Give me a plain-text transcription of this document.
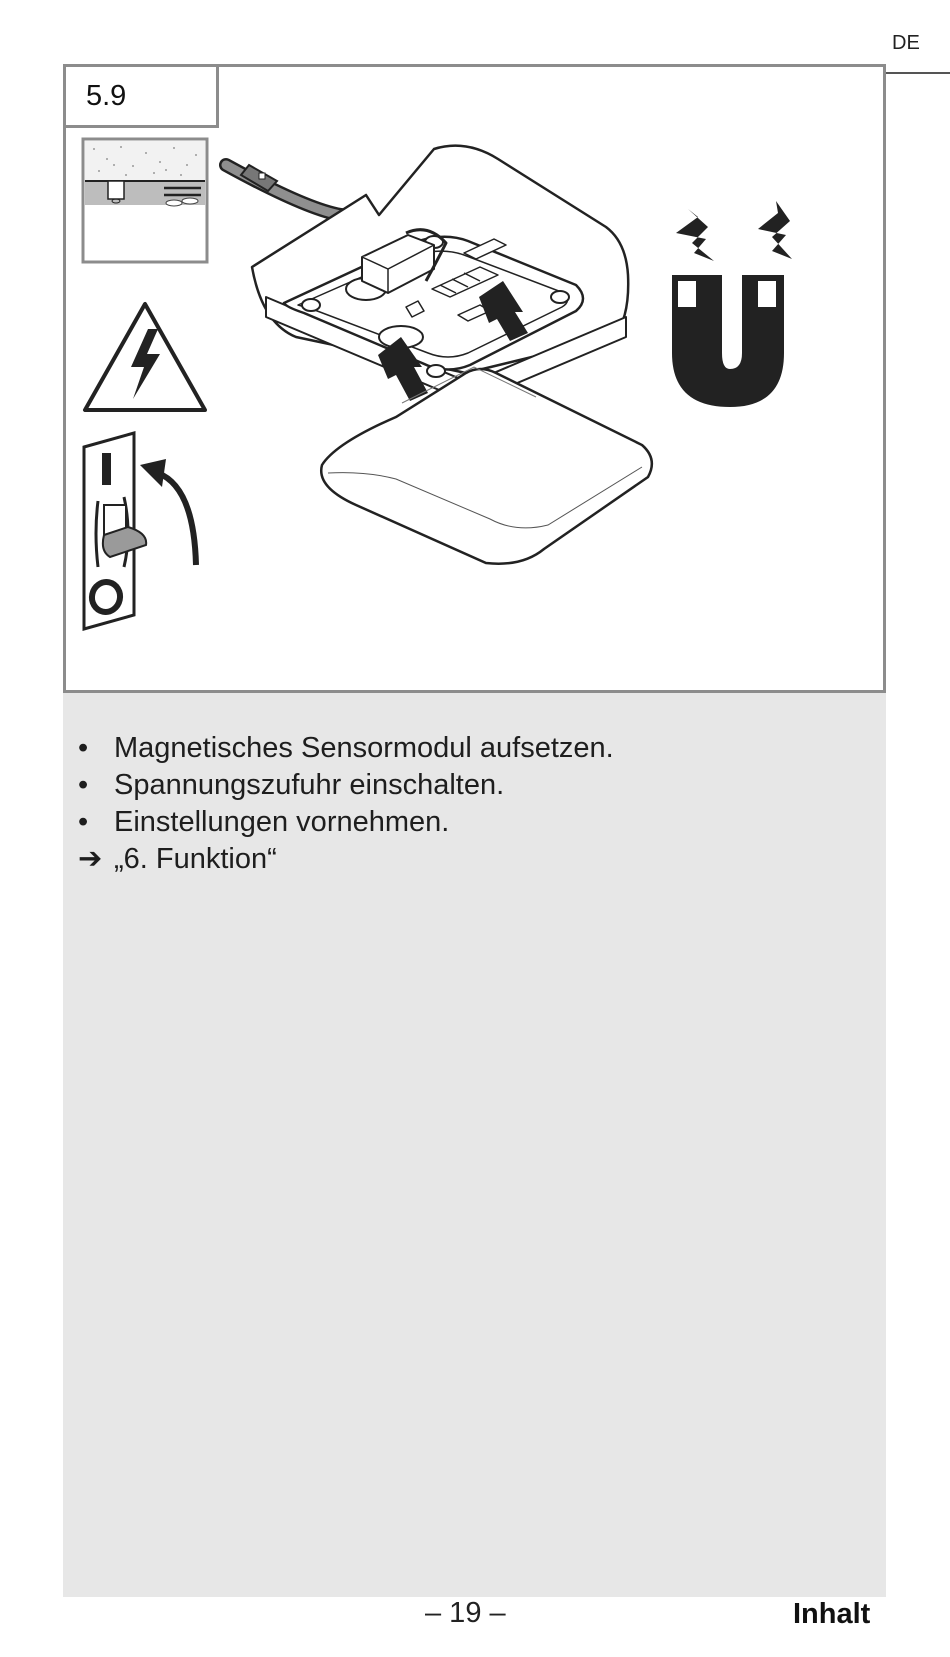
DE
5.9
• Magnetisches Sensormodul aufsetzen.
• Spannungszufuhr einschalten.
• Einstellungen vornehmen.
➔ „6. Funktion“
– 19 –	Inhalt
